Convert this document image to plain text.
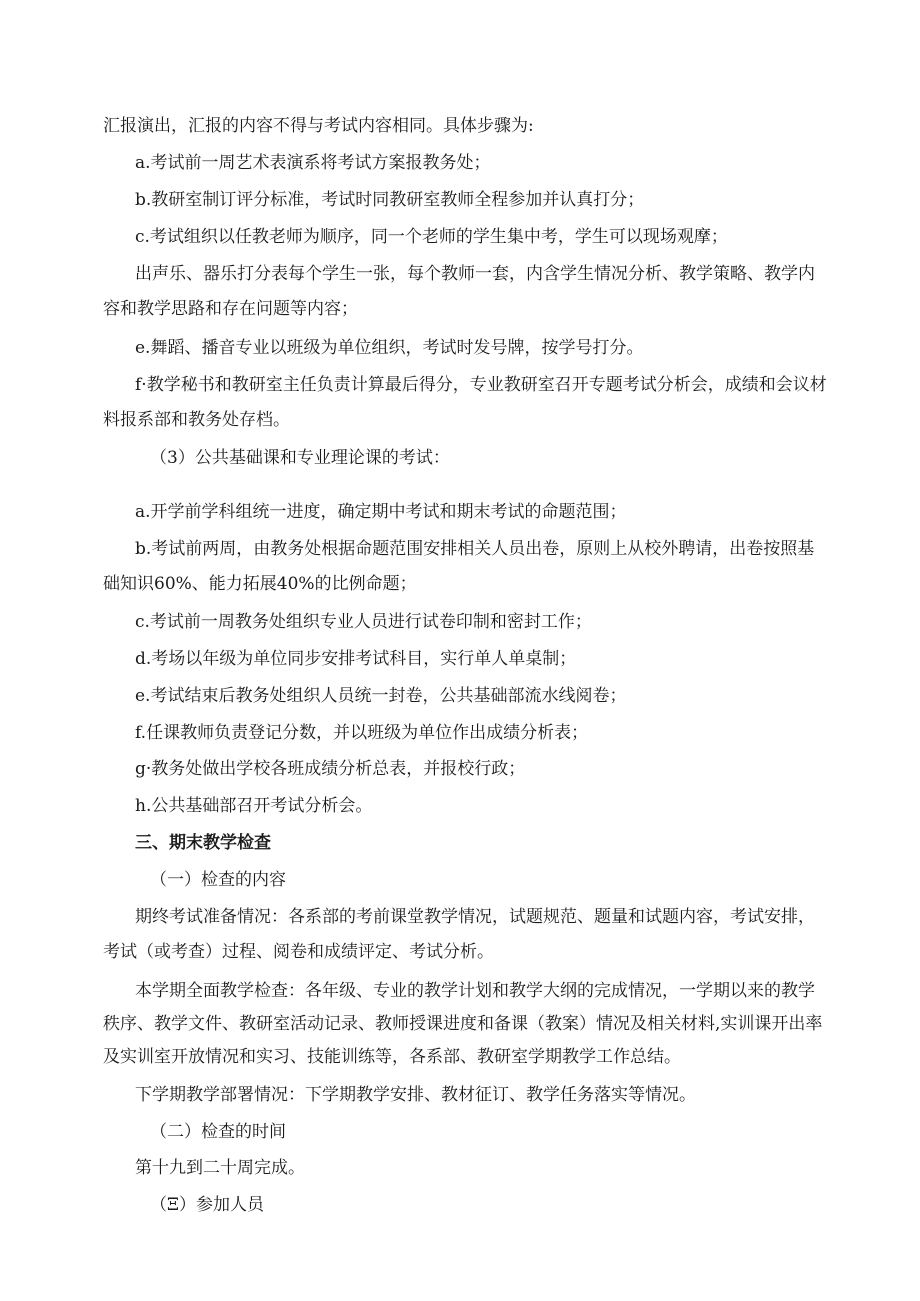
汇报演出，汇报的内容不得与考试内容相同。具体步骤为:

a.考试前一周艺术表演系将考试方案报教务处；

b.教研室制订评分标准，考试时同教研室教师全程参加并认真打分；

c.考试组织以任教老师为顺序，同一个老师的学生集中考，学生可以现场观摩；

出声乐、器乐打分表每个学生一张，每个教师一套，内含学生情况分析、教学策略、教学内

容和教学思路和存在问题等内容；

e.舞蹈、播音专业以班级为单位组织，考试时发号牌，按学号打分。

f·教学秘书和教研室主任负责计算最后得分，专业教研室召开专题考试分析会，成绩和会议材

料报系部和教务处存档。

（3）公共基础课和专业理论课的考试：

a.开学前学科组统一进度，确定期中考试和期末考试的命题范围；

b.考试前两周，由教务处根据命题范围安排相关人员出卷，原则上从校外聘请，出卷按照基

础知识60%、能力拓展40%的比例命题；

c.考试前一周教务处组织专业人员进行试卷印制和密封工作；

d.考场以年级为单位同步安排考试科目，实行单人单桌制；

e.考试结束后教务处组织人员统一封卷，公共基础部流水线阅卷；

f.任课教师负责登记分数，并以班级为单位作出成绩分析表；

g·教务处做出学校各班成绩分析总表，并报校行政；

h.公共基础部召开考试分析会。

三、期末教学检查

（一）检查的内容

期终考试准备情况：各系部的考前课堂教学情况，试题规范、题量和试题内容，考试安排，

考试（或考查）过程、阅卷和成绩评定、考试分析。

本学期全面教学检查：各年级、专业的教学计划和教学大纲的完成情况，一学期以来的教学

秩序、教学文件、教研室活动记录、教师授课进度和备课（教案）情况及相关材料,实训课开出率

及实训室开放情况和实习、技能训练等，各系部、教研室学期教学工作总结。

下学期教学部署情况：下学期教学安排、教材征订、教学任务落实等情况。

（二）检查的时间

第十九到二十周完成。

（Ξ）参加人员
